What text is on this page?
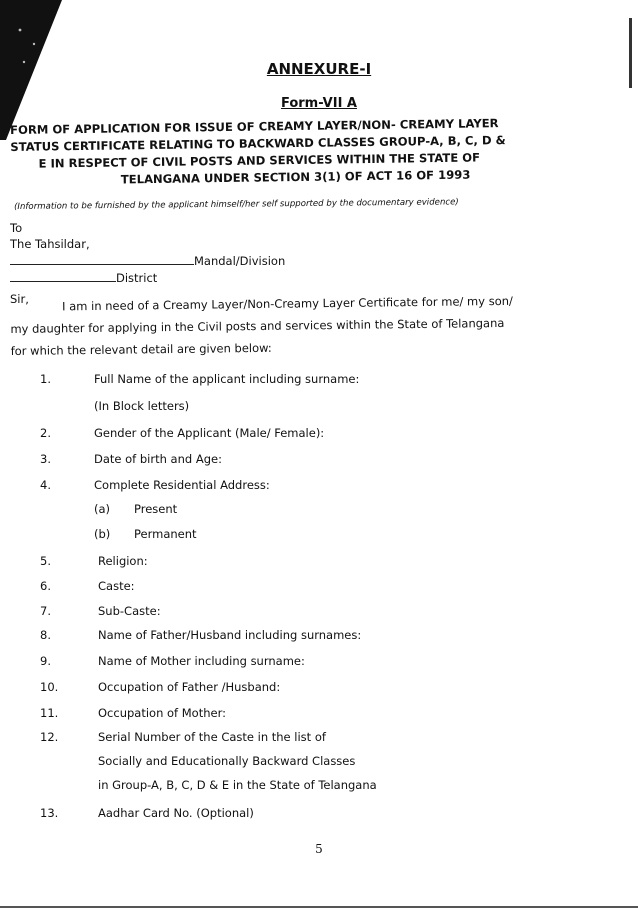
ANNEXURE-I
Form-VII A
FORM OF APPLICATION FOR ISSUE OF CREAMY LAYER/NON- CREAMY LAYER
STATUS CERTIFICATE RELATING TO BACKWARD CLASSES GROUP-A, B, C, D &
E IN RESPECT OF CIVIL POSTS AND SERVICES WITHIN THE STATE OF
TELANGANA UNDER SECTION 3(1) OF ACT 16 OF 1993
(Information to be furnished by the applicant himself/her self supported by the documentary evidence)
To
The Tahsildar,
Mandal/Division
District
Sir,	I am in need of a Creamy Layer/Non-Creamy Layer Certificate for me/ my son/
my daughter for applying in the Civil posts and services within the State of Telangana
for which the relevant detail are given below:
1.	Full Name of the applicant including surname:
(In Block letters)
2.	Gender of the Applicant (Male/ Female):
3.	Date of birth and Age:
4.	Complete Residential Address:
(a) Present
(b) Permanent
5.	Religion:
6.	Caste:
7.	Sub-Caste:
8.	Name of Father/Husband including surnames:
9.	Name of Mother including surname:
10.	Occupation of Father /Husband:
11.	Occupation of Mother:
12.	Serial Number of the Caste in the list of
Socially and Educationally Backward Classes
in Group-A, B, C, D & E in the State of Telangana
13.	Aadhar Card No. (Optional)
5
